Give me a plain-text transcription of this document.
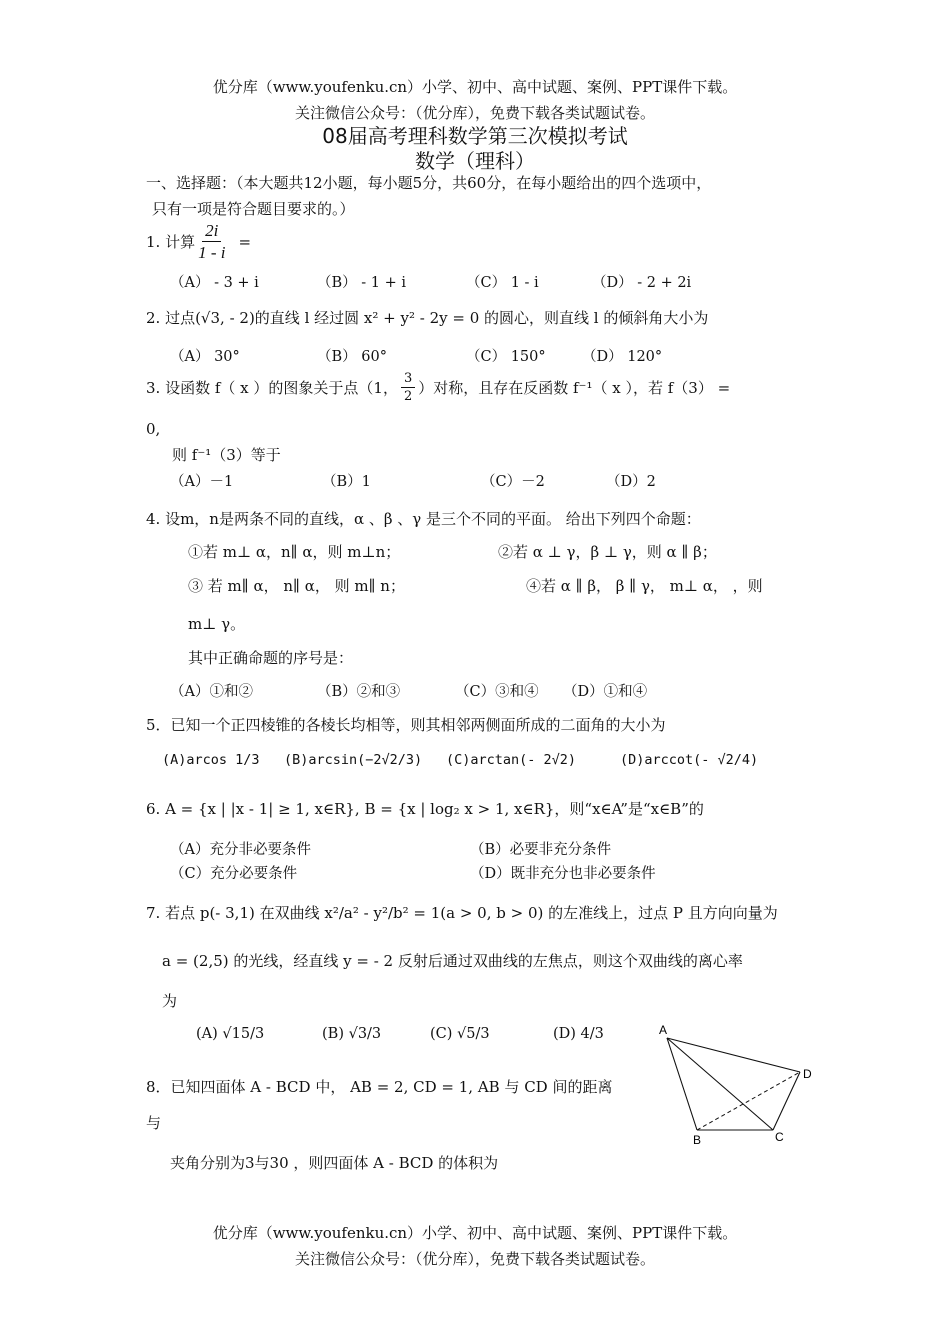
优分库（www.youfenku.cn）小学、初中、高中试题、案例、PPT课件下载。
关注微信公众号：（优分库），免费下载各类试题试卷。
08届高考理科数学第三次模拟考试
数学（理科）
一、选择题：（本大题共12小题，每小题5分，共60分，在每小题给出的四个选项中，
只有一项是符合题目要求的。）
1. 计算 $\frac{2i}{1 - i}$ =
（A） - 3 + i	（B） - 1 + i	（C） 1 - i	（D） - 2 + 2i
2. 过点(√3, - 2)的直线 l 经过圆 x² + y² - 2y = 0 的圆心，则直线 l 的倾斜角大小为
（A） 30°	（B） 60°	（C） 150°	（D） 120°
3. 设函数 f（ x ）的图象关于点（1， $\frac{3}{2}$ ）对称，且存在反函数 f⁻¹（ x ），若 f（3） =
0,
则 f⁻¹（3）等于
（A）－1	（B）1	（C）－2	（D）2
4. 设m，n是两条不同的直线，α 、β 、γ 是三个不同的平面。 给出下列四个命题：
①若 m⊥ α，n∥ α，则 m⊥n；	②若 α ⊥ γ，β ⊥ γ，则 α ∥ β；
③ 若 m∥ α， n∥ α， 则 m∥ n；	④若 α ∥ β， β ∥ γ， m⊥ α， ，则
m⊥ γ。
其中正确命题的序号是：
（A）①和②	（B）②和③	（C）③和④ （D）①和④
5．已知一个正四棱锥的各棱长均相等，则其相邻两侧面所成的二面角的大小为
(A)arcos 1/3 (B)arcsin(−2√2/3) (C)arctan(- 2√2)	(D)arccot(- √2/4)
6. A = {x | |x - 1| ≥ 1, x∈R}, B = {x | log₂ x > 1, x∈R}，则“x∈A”是“x∈B”的
（A）充分非必要条件	（B）必要非充分条件
（C）充分必要条件	（D）既非充分也非必要条件
7. 若点 p(- 3,1) 在双曲线 x²/a² - y²/b² = 1(a > 0, b > 0) 的左准线上，过点 P 且方向向量为
a = (2,5) 的光线，经直线 y = - 2 反射后通过双曲线的左焦点，则这个双曲线的离心率
为
(A) √15/3	(B) √3/3	(C) √5/3	(D) 4/3
8．已知四面体 A - BCD 中， AB = 2, CD = 1, AB 与 CD 间的距离
与
夹角分别为3与30 ，则四面体 A - BCD 的体积为
A
B	C
D
优分库（www.youfenku.cn）小学、初中、高中试题、案例、PPT课件下载。
关注微信公众号：（优分库），免费下载各类试题试卷。
